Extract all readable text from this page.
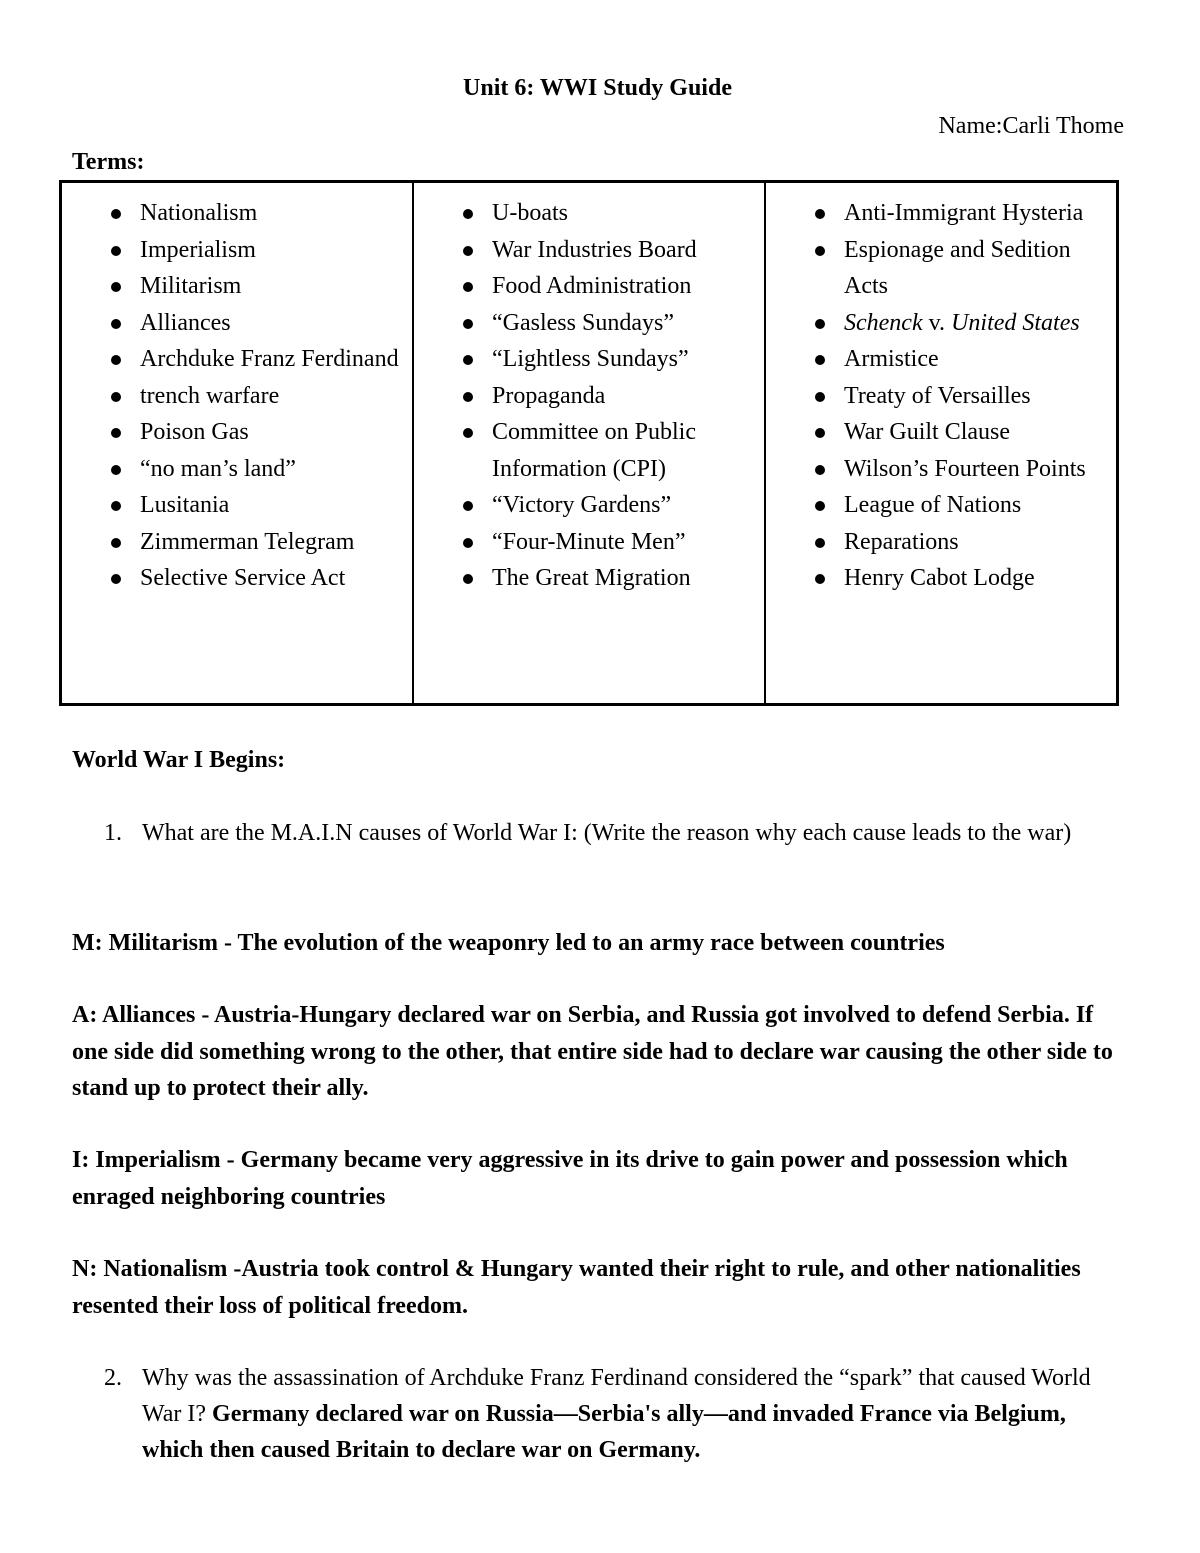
Unit 6: WWI Study Guide
Name:Carli Thome
Terms:
Nationalism
Imperialism
Militarism
Alliances
Archduke Franz Ferdinand
trench warfare
Poison Gas
“no man’s land”
Lusitania
Zimmerman Telegram
Selective Service Act
U-boats
War Industries Board
Food Administration
“Gasless Sundays”
“Lightless Sundays”
Propaganda
Committee on Public Information (CPI)
“Victory Gardens”
“Four-Minute Men”
The Great Migration
Anti-Immigrant Hysteria
Espionage and Sedition Acts
Schenck v. United States
Armistice
Treaty of Versailles
War Guilt Clause
Wilson’s Fourteen Points
League of Nations
Reparations
Henry Cabot Lodge
World War I Begins:
1. What are the M.A.I.N causes of World War I: (Write the reason why each cause leads to the war)
M: Militarism - The evolution of the weaponry led to an army race between countries
A: Alliances - Austria-Hungary declared war on Serbia, and Russia got involved to defend Serbia. If one side did something wrong to the other, that entire side had to declare war causing the other side to stand up to protect their ally.
I: Imperialism - Germany became very aggressive in its drive to gain power and possession which enraged neighboring countries
N: Nationalism -Austria took control & Hungary wanted their right to rule, and other nationalities resented their loss of political freedom.
2. Why was the assassination of Archduke Franz Ferdinand considered the “spark” that caused World War I? Germany declared war on Russia—Serbia's ally—and invaded France via Belgium, which then caused Britain to declare war on Germany.
